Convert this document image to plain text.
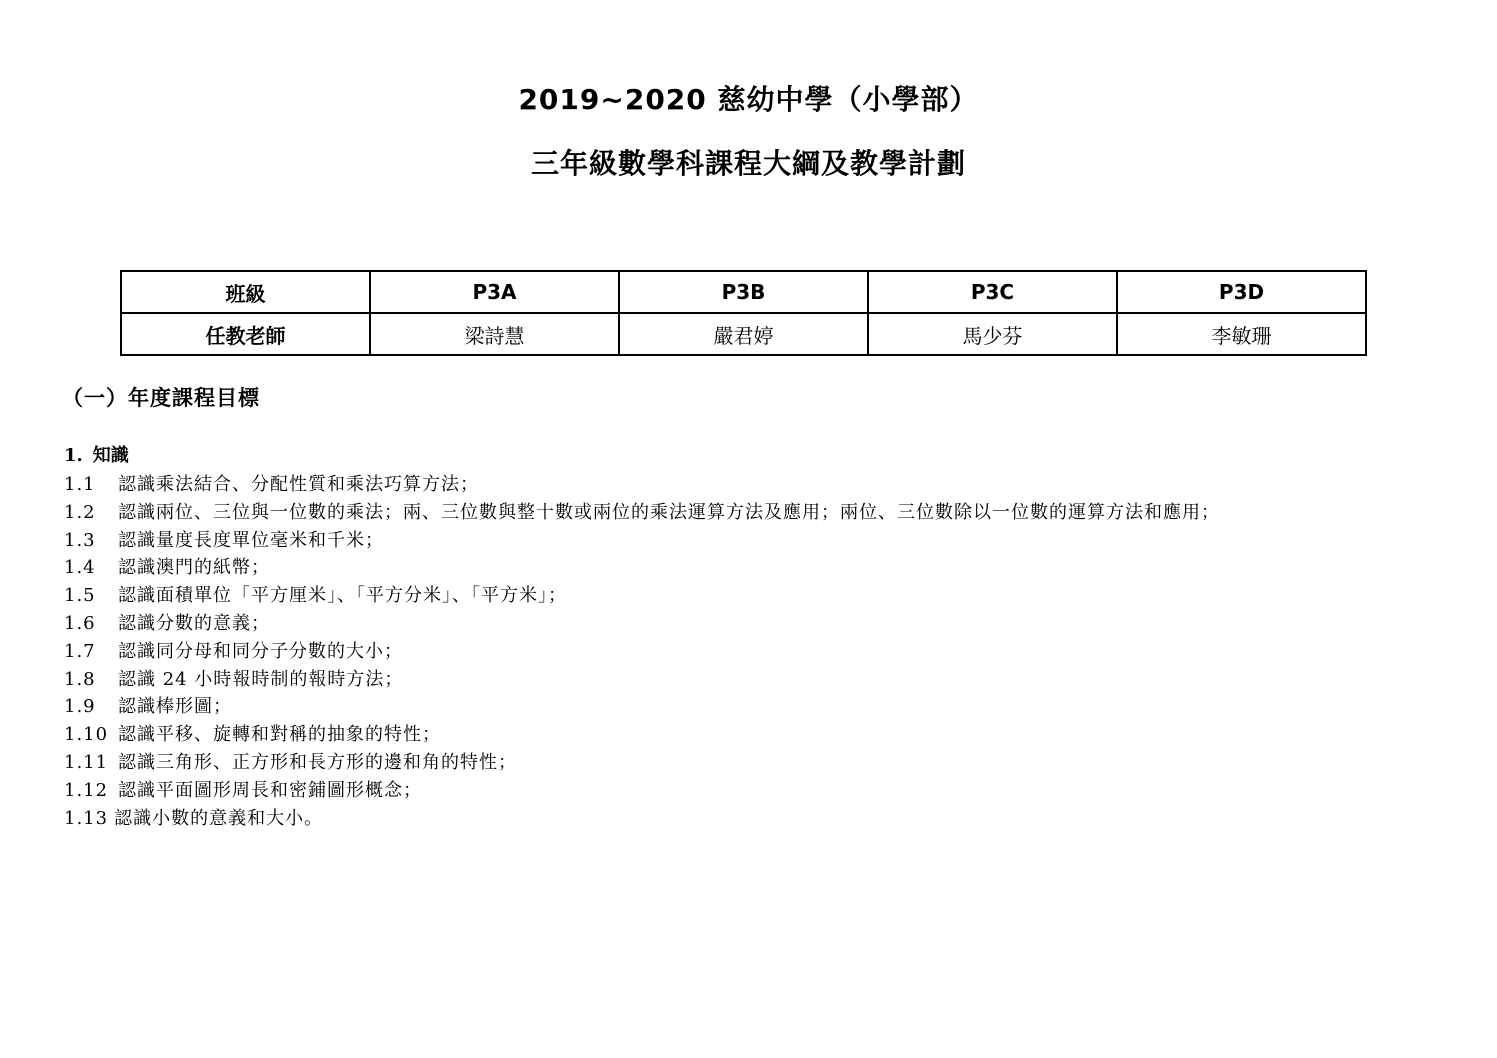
2019~2020 慈幼中學（小學部）
三年級數學科課程大綱及教學計劃
班級	P3A	P3B	P3C	P3D
任教老師	梁詩慧	嚴君婷	馬少芬	李敏珊
（一）年度課程目標
1. 知識
1.1 認識乘法結合、分配性質和乘法巧算方法；
1.2 認識兩位、三位與一位數的乘法；兩、三位數與整十數或兩位的乘法運算方法及應用；兩位、三位數除以一位數的運算方法和應用；
1.3 認識量度長度單位毫米和千米；
1.4 認識澳門的紙幣；
1.5 認識面積單位「平方厘米」、「平方分米」、「平方米」；
1.6 認識分數的意義；
1.7 認識同分母和同分子分數的大小；
1.8 認識 24 小時報時制的報時方法；
1.9 認識棒形圖；
1.10 認識平移、旋轉和對稱的抽象的特性；
1.11 認識三角形、正方形和長方形的邊和角的特性；
1.12 認識平面圖形周長和密鋪圖形概念；
1.13 認識小數的意義和大小。
